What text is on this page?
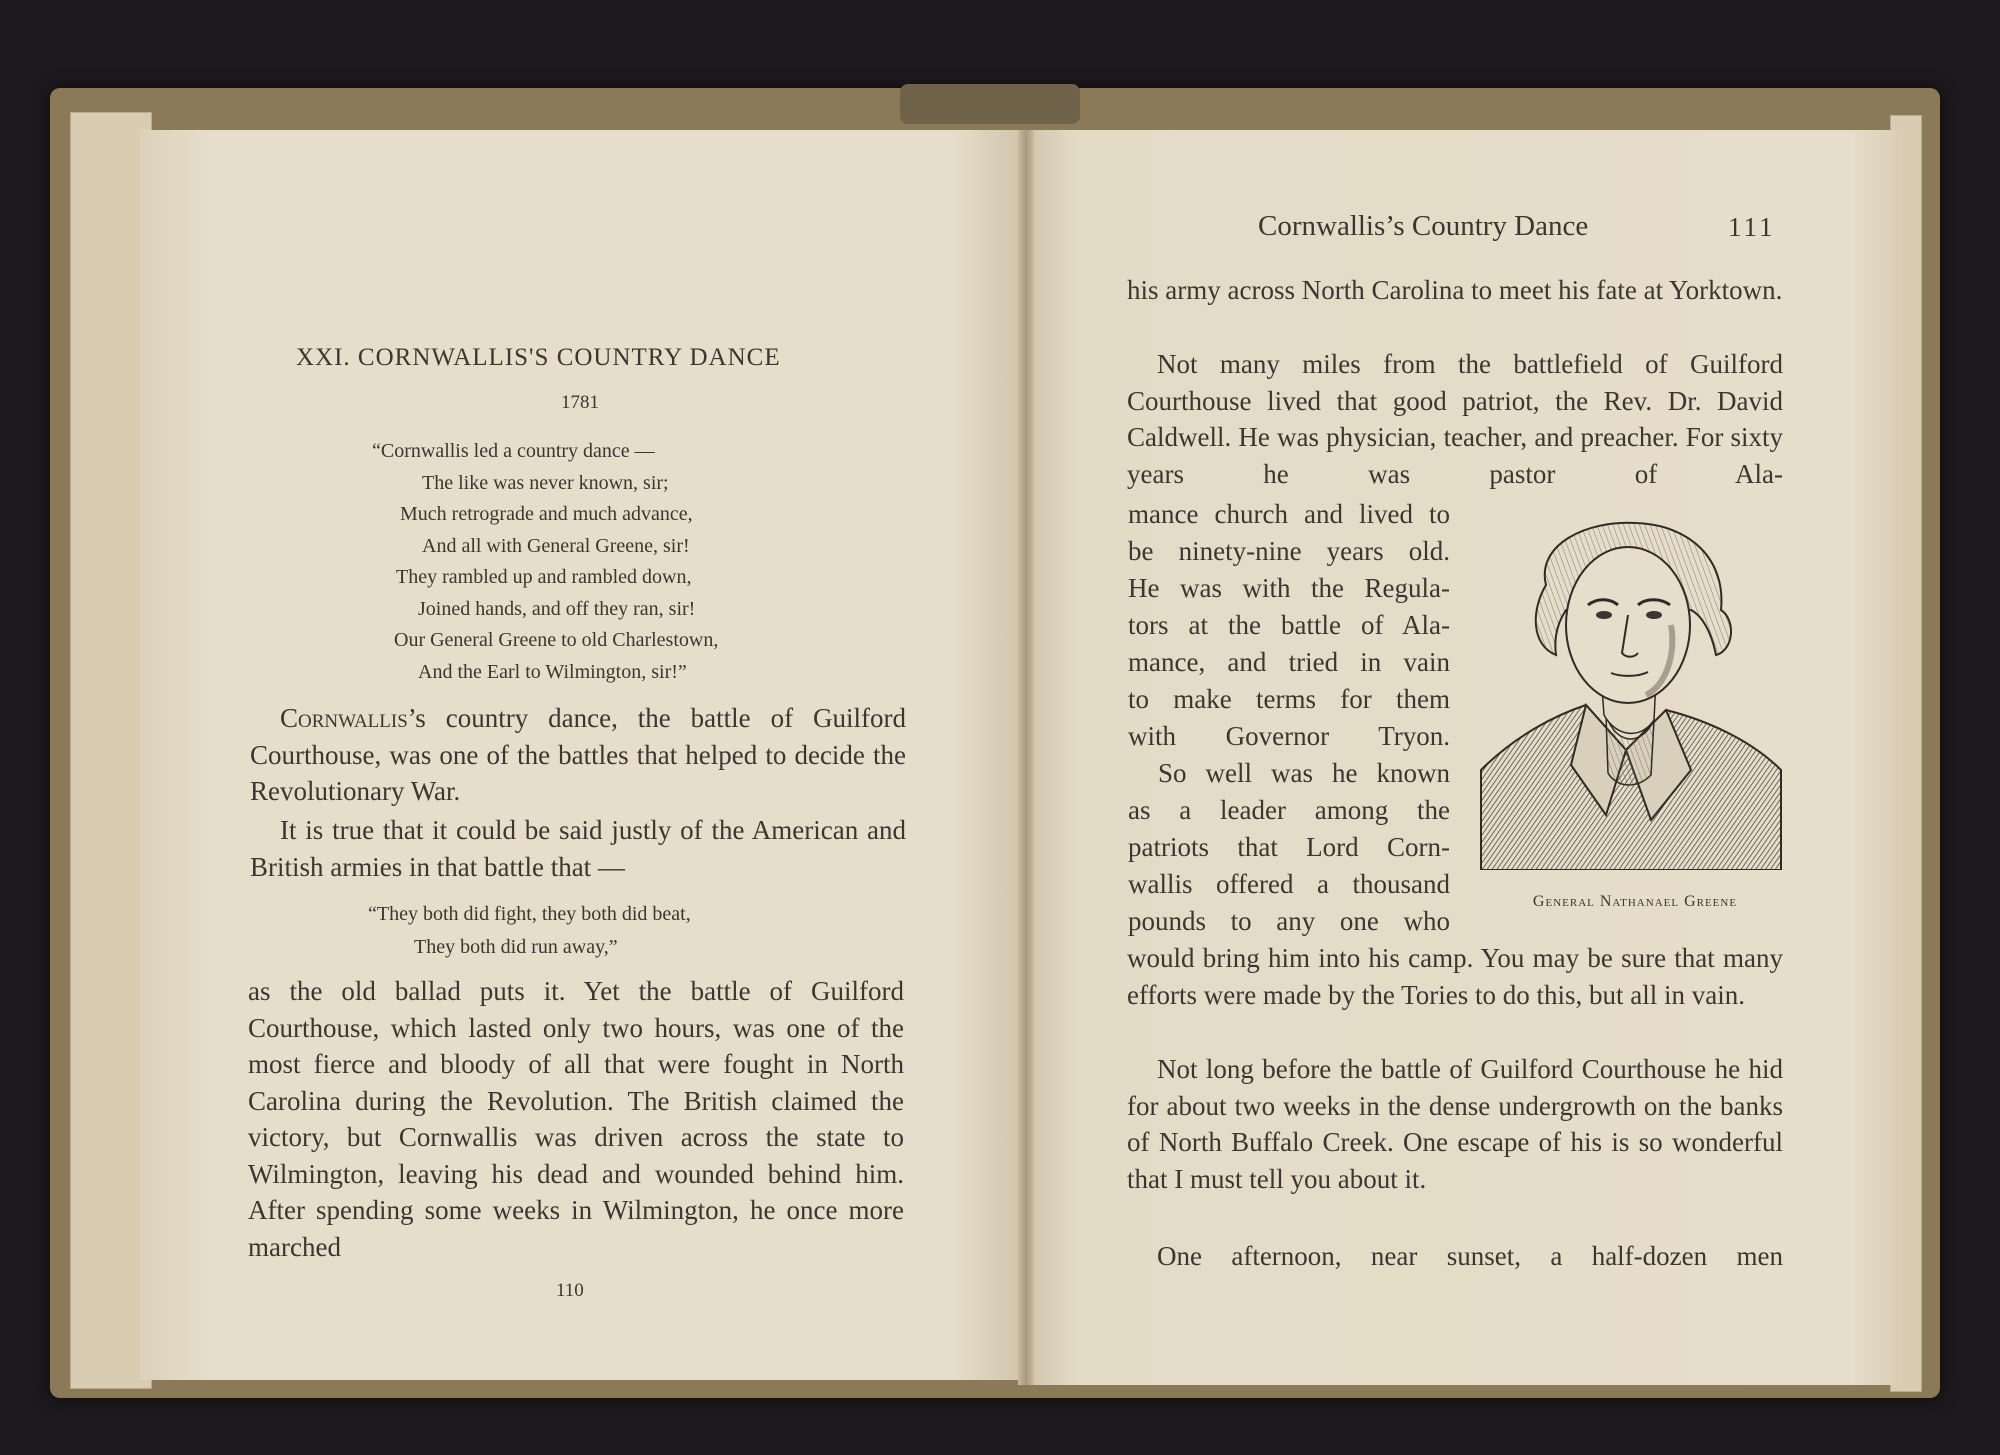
XXI. CORNWALLIS'S COUNTRY DANCE
1781
“Cornwallis led a country dance —
The like was never known, sir;
Much retrograde and much advance,
And all with General Greene, sir!
They rambled up and rambled down,
Joined hands, and off they ran, sir!
Our General Greene to old Charlestown,
And the Earl to Wilmington, sir!”

Cornwallis’s country dance, the battle of Guilford Courthouse, was one of the battles that helped to decide the Revolutionary War.

It is true that it could be said justly of the American and British armies in that battle that —

“They both did fight, they both did beat,
They both did run away,”

as the old ballad puts it. Yet the battle of Guilford Courthouse, which lasted only two hours, was one of the most fierce and bloody of all that were fought in North Carolina during the Revolution. The British claimed the victory, but Cornwallis was driven across the state to Wilmington, leaving his dead and wounded behind him. After spending some weeks in Wilmington, he once more marched

110
Cornwallis’s Country Dance	111

his army across North Carolina to meet his fate at Yorktown.

Not many miles from the battlefield of Guilford Courthouse lived that good patriot, the Rev. Dr. David Caldwell. He was physician, teacher, and preacher. For sixty years he was pastor of Ala-

mance church and lived to
be ninety-nine years old.
He was with the Regula-
tors at the battle of Ala-
mance, and tried in vain
to make terms for them
with Governor Tryon.
So well was he known
as a leader among the
patriots that Lord Corn-
wallis offered a thousand
pounds to any one who
General Nathanael Greene

would bring him into his camp. You may be sure that many efforts were made by the Tories to do this, but all in vain.

Not long before the battle of Guilford Courthouse he hid for about two weeks in the dense undergrowth on the banks of North Buffalo Creek. One escape of his is so wonderful that I must tell you about it.

One afternoon, near sunset, a half-dozen men
